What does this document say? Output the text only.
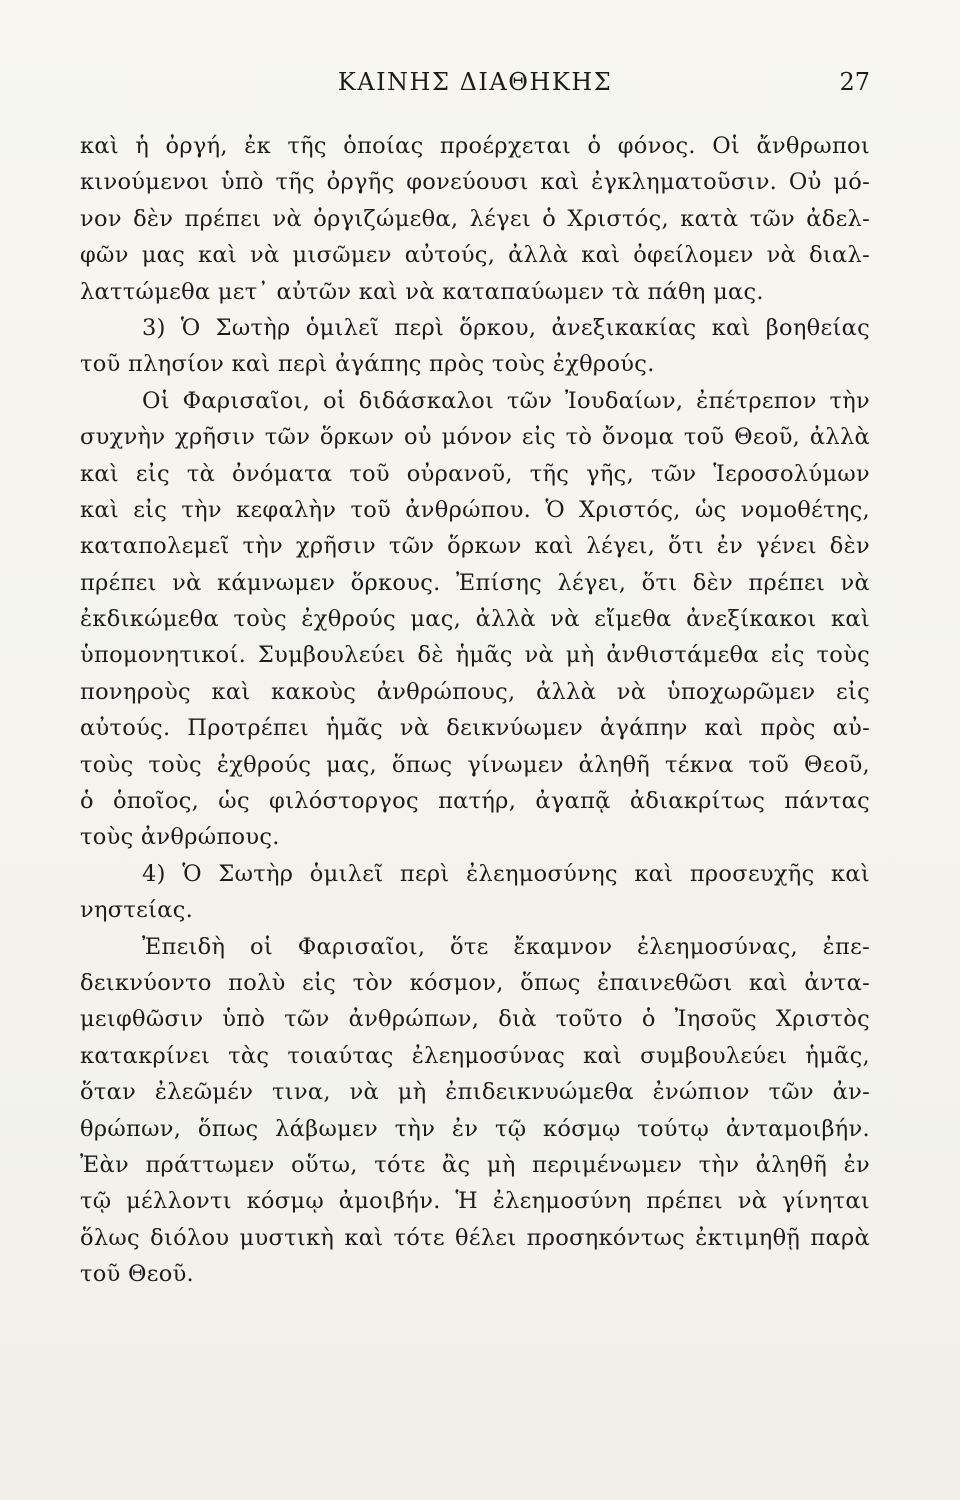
ΚΑΙΝΗΣ ΔΙΑΘΗΚΗΣ	27
καὶ ἡ ὀργή, ἐκ τῆς ὁποίας προέρχεται ὁ φόνος. Οἱ ἄνθρωποι
κινούμενοι ὑπὸ τῆς ὀργῆς φονεύουσι καὶ ἐγκληματοῦσιν. Οὐ μό-
νον δὲν πρέπει νὰ ὀργιζώμεθα, λέγει ὁ Χριστός, κατὰ τῶν ἀδελ-
φῶν μας καὶ νὰ μισῶμεν αὐτούς, ἀλλὰ καὶ ὀφείλομεν νὰ διαλ-
λαττώμεθα μετ᾽ αὐτῶν καὶ νὰ καταπαύωμεν τὰ πάθη μας.
3) Ὁ Σωτὴρ ὁμιλεῖ περὶ ὅρκου, ἀνεξικακίας καὶ βοηθείας
τοῦ πλησίον καὶ περὶ ἀγάπης πρὸς τοὺς ἐχθρούς.
Οἱ Φαρισαῖοι, οἱ διδάσκαλοι τῶν Ἰουδαίων, ἐπέτρεπον τὴν
συχνὴν χρῆσιν τῶν ὅρκων οὐ μόνον εἰς τὸ ὄνομα τοῦ Θεοῦ, ἀλλὰ
καὶ εἰς τὰ ὀνόματα τοῦ οὐρανοῦ, τῆς γῆς, τῶν Ἱεροσολύμων
καὶ εἰς τὴν κεφαλὴν τοῦ ἀνθρώπου. Ὁ Χριστός, ὡς νομοθέτης,
καταπολεμεῖ τὴν χρῆσιν τῶν ὅρκων καὶ λέγει, ὅτι ἐν γένει δὲν
πρέπει νὰ κάμνωμεν ὅρκους. Ἐπίσης λέγει, ὅτι δὲν πρέπει νὰ
ἐκδικώμεθα τοὺς ἐχθρούς μας, ἀλλὰ νὰ εἴμεθα ἀνεξίκακοι καὶ
ὑπομονητικοί. Συμβουλεύει δὲ ἡμᾶς νὰ μὴ ἀνθιστάμεθα εἰς τοὺς
πονηροὺς καὶ κακοὺς ἀνθρώπους, ἀλλὰ νὰ ὑποχωρῶμεν εἰς
αὐτούς. Προτρέπει ἡμᾶς νὰ δεικνύωμεν ἀγάπην καὶ πρὸς αὐ-
τοὺς τοὺς ἐχθρούς μας, ὅπως γίνωμεν ἀληθῆ τέκνα τοῦ Θεοῦ,
ὁ ὁποῖος, ὡς φιλόστοργος πατήρ, ἀγαπᾷ ἀδιακρίτως πάντας
τοὺς ἀνθρώπους.
4) Ὁ Σωτὴρ ὁμιλεῖ περὶ ἐλεημοσύνης καὶ προσευχῆς καὶ
νηστείας.
Ἐπειδὴ οἱ Φαρισαῖοι, ὅτε ἔκαμνον ἐλεημοσύνας, ἐπε-
δεικνύοντο πολὺ εἰς τὸν κόσμον, ὅπως ἐπαινεθῶσι καὶ ἀντα-
μειφθῶσιν ὑπὸ τῶν ἀνθρώπων, διὰ τοῦτο ὁ Ἰησοῦς Χριστὸς
κατακρίνει τὰς τοιαύτας ἐλεημοσύνας καὶ συμβουλεύει ἡμᾶς,
ὅταν ἐλεῶμέν τινα, νὰ μὴ ἐπιδεικνυώμεθα ἐνώπιον τῶν ἀν-
θρώπων, ὅπως λάβωμεν τὴν ἐν τῷ κόσμῳ τούτῳ ἀνταμοιβήν.
Ἐὰν πράττωμεν οὕτω, τότε ἂς μὴ περιμένωμεν τὴν ἀληθῆ ἐν
τῷ μέλλοντι κόσμῳ ἀμοιβήν. Ἡ ἐλεημοσύνη πρέπει νὰ γίνηται
ὅλως διόλου μυστικὴ καὶ τότε θέλει προσηκόντως ἐκτιμηθῇ παρὰ
τοῦ Θεοῦ.
